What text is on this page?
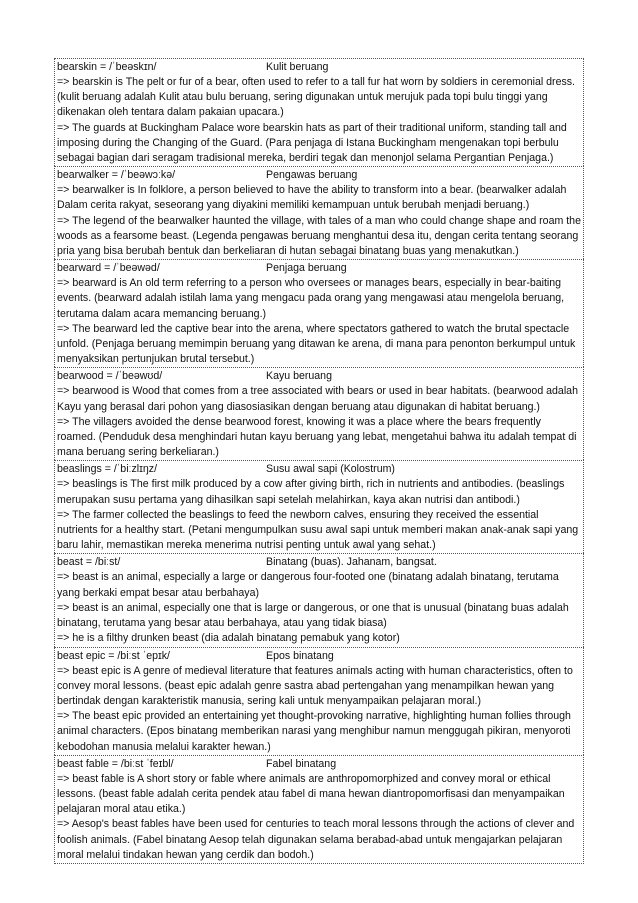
bearskin = /ˈbeəskɪn/	Kulit beruang

=> bearskin is The pelt or fur of a bear, often used to refer to a tall fur hat worn by soldiers in ceremonial dress. (kulit beruang adalah Kulit atau bulu beruang, sering digunakan untuk merujuk pada topi bulu tinggi yang dikenakan oleh tentara dalam pakaian upacara.)

=> The guards at Buckingham Palace wore bearskin hats as part of their traditional uniform, standing tall and imposing during the Changing of the Guard. (Para penjaga di Istana Buckingham mengenakan topi berbulu sebagai bagian dari seragam tradisional mereka, berdiri tegak dan menonjol selama Pergantian Penjaga.)

bearwalker = /ˈbeəwɔːkə/	Pengawas beruang

=> bearwalker is In folklore, a person believed to have the ability to transform into a bear. (bearwalker adalah Dalam cerita rakyat, seseorang yang diyakini memiliki kemampuan untuk berubah menjadi beruang.)

=> The legend of the bearwalker haunted the village, with tales of a man who could change shape and roam the woods as a fearsome beast. (Legenda pengawas beruang menghantui desa itu, dengan cerita tentang seorang pria yang bisa berubah bentuk dan berkeliaran di hutan sebagai binatang buas yang menakutkan.)

bearward = /ˈbeəwəd/	Penjaga beruang

=> bearward is An old term referring to a person who oversees or manages bears, especially in bear-baiting events. (bearward adalah istilah lama yang mengacu pada orang yang mengawasi atau mengelola beruang, terutama dalam acara memancing beruang.)

=> The bearward led the captive bear into the arena, where spectators gathered to watch the brutal spectacle unfold. (Penjaga beruang memimpin beruang yang ditawan ke arena, di mana para penonton berkumpul untuk menyaksikan pertunjukan brutal tersebut.)

bearwood = /ˈbeəwʊd/	Kayu beruang

=> bearwood is Wood that comes from a tree associated with bears or used in bear habitats. (bearwood adalah Kayu yang berasal dari pohon yang diasosiasikan dengan beruang atau digunakan di habitat beruang.)

=> The villagers avoided the dense bearwood forest, knowing it was a place where the bears frequently roamed. (Penduduk desa menghindari hutan kayu beruang yang lebat, mengetahui bahwa itu adalah tempat di mana beruang sering berkeliaran.)

beaslings = /ˈbiːzlɪŋz/	Susu awal sapi (Kolostrum)

=> beaslings is The first milk produced by a cow after giving birth, rich in nutrients and antibodies. (beaslings merupakan susu pertama yang dihasilkan sapi setelah melahirkan, kaya akan nutrisi dan antibodi.)

=> The farmer collected the beaslings to feed the newborn calves, ensuring they received the essential nutrients for a healthy start. (Petani mengumpulkan susu awal sapi untuk memberi makan anak-anak sapi yang baru lahir, memastikan mereka menerima nutrisi penting untuk awal yang sehat.)

beast = /biːst/	Binatang (buas). Jahanam, bangsat.

=> beast is an animal, especially a large or dangerous four-footed one (binatang adalah binatang, terutama yang berkaki empat besar atau berbahaya)

=> beast is an animal, especially one that is large or dangerous, or one that is unusual (binatang buas adalah binatang, terutama yang besar atau berbahaya, atau yang tidak biasa)

=> he is a filthy drunken beast (dia adalah binatang pemabuk yang kotor)

beast epic = /biːst ˈepɪk/	Epos binatang

=> beast epic is A genre of medieval literature that features animals acting with human characteristics, often to convey moral lessons. (beast epic adalah genre sastra abad pertengahan yang menampilkan hewan yang bertindak dengan karakteristik manusia, sering kali untuk menyampaikan pelajaran moral.)

=> The beast epic provided an entertaining yet thought-provoking narrative, highlighting human follies through animal characters. (Epos binatang memberikan narasi yang menghibur namun menggugah pikiran, menyoroti kebodohan manusia melalui karakter hewan.)

beast fable = /biːst ˈfeɪbl/	Fabel binatang

=> beast fable is A short story or fable where animals are anthropomorphized and convey moral or ethical lessons. (beast fable adalah cerita pendek atau fabel di mana hewan diantropomorfisasi dan menyampaikan pelajaran moral atau etika.)

=> Aesop's beast fables have been used for centuries to teach moral lessons through the actions of clever and foolish animals. (Fabel binatang Aesop telah digunakan selama berabad-abad untuk mengajarkan pelajaran moral melalui tindakan hewan yang cerdik dan bodoh.)
